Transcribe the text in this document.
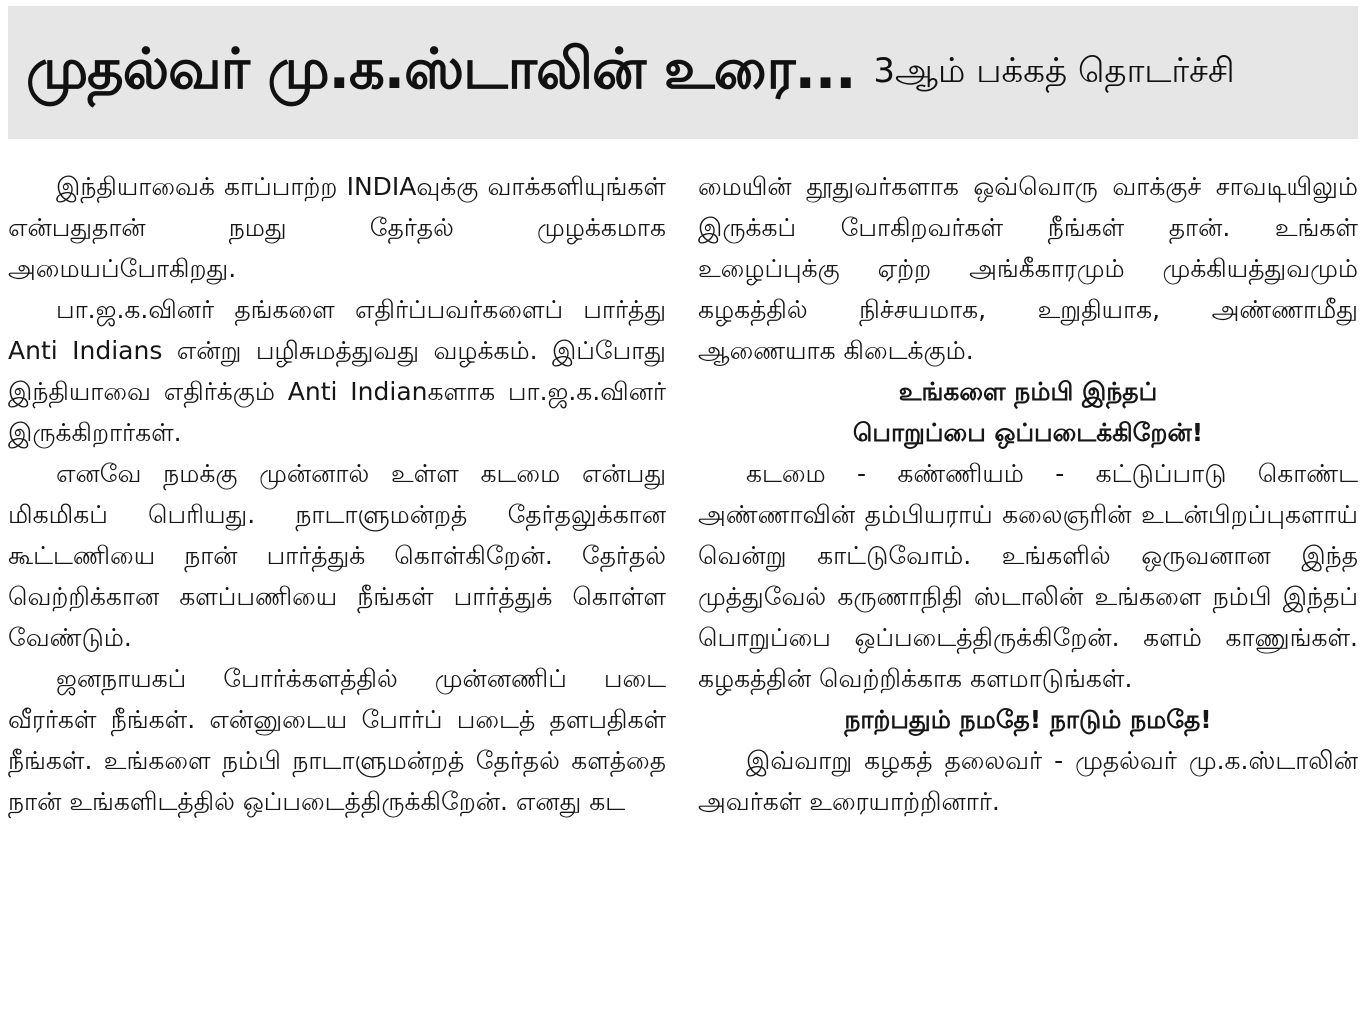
முதல்வர் மு.க.ஸ்டாலின் உரை... 3ஆம் பக்கத் தொடர்ச்சி

இந்தியாவைக் காப்பாற்ற INDIAவுக்கு வாக்களியுங்கள் என்பதுதான் நமது தேர்தல் முழக்கமாக அமையப்போகிறது.

பா.ஜ.க.வினர் தங்களை எதிர்ப்பவர்களைப் பார்த்து Anti Indians என்று பழிசுமத்துவது வழக்கம். இப்போது இந்தியாவை எதிர்க்கும் Anti Indianகளாக பா.ஜ.க.வினர் இருக்கிறார்கள்.

எனவே நமக்கு முன்னால் உள்ள கடமை என்பது மிகமிகப் பெரியது. நாடாளுமன்றத் தேர்தலுக்கான கூட்டணியை நான் பார்த்துக் கொள்கிறேன். தேர்தல் வெற்றிக்கான களப்பணியை நீங்கள் பார்த்துக் கொள்ள வேண்டும்.

ஜனநாயகப் போர்க்களத்தில் முன்னணிப் படை வீரர்கள் நீங்கள். என்னுடைய போர்ப் படைத் தளபதிகள் நீங்கள். உங்களை நம்பி நாடாளுமன்றத் தேர்தல் களத்தை நான் உங்களிடத்தில் ஒப்படைத்திருக்கிறேன். எனது கட

மையின் தூதுவர்களாக ஒவ்வொரு வாக்குச் சாவடியிலும் இருக்கப் போகிறவர்கள் நீங்கள் தான். உங்கள் உழைப்புக்கு ஏற்ற அங்கீகாரமும் முக்கியத்துவமும் கழகத்தில் நிச்சயமாக, உறுதியாக, அண்ணாமீது ஆணையாக கிடைக்கும்.

உங்களை நம்பி இந்தப்
பொறுப்பை ஒப்படைக்கிறேன்!

கடமை - கண்ணியம் - கட்டுப்பாடு கொண்ட அண்ணாவின் தம்பியராய் கலைஞரின் உடன்பிறப்புகளாய் வென்று காட்டுவோம். உங்களில் ஒருவனான இந்த முத்துவேல் கருணாநிதி ஸ்டாலின் உங்களை நம்பி இந்தப் பொறுப்பை ஒப்படைத்திருக்கிறேன். களம் காணுங்கள். கழகத்தின் வெற்றிக்காக களமாடுங்கள்.

நாற்பதும் நமதே! நாடும் நமதே!

இவ்வாறு கழகத் தலைவர் - முதல்வர் மு.க.ஸ்டாலின் அவர்கள் உரையாற்றினார்.
